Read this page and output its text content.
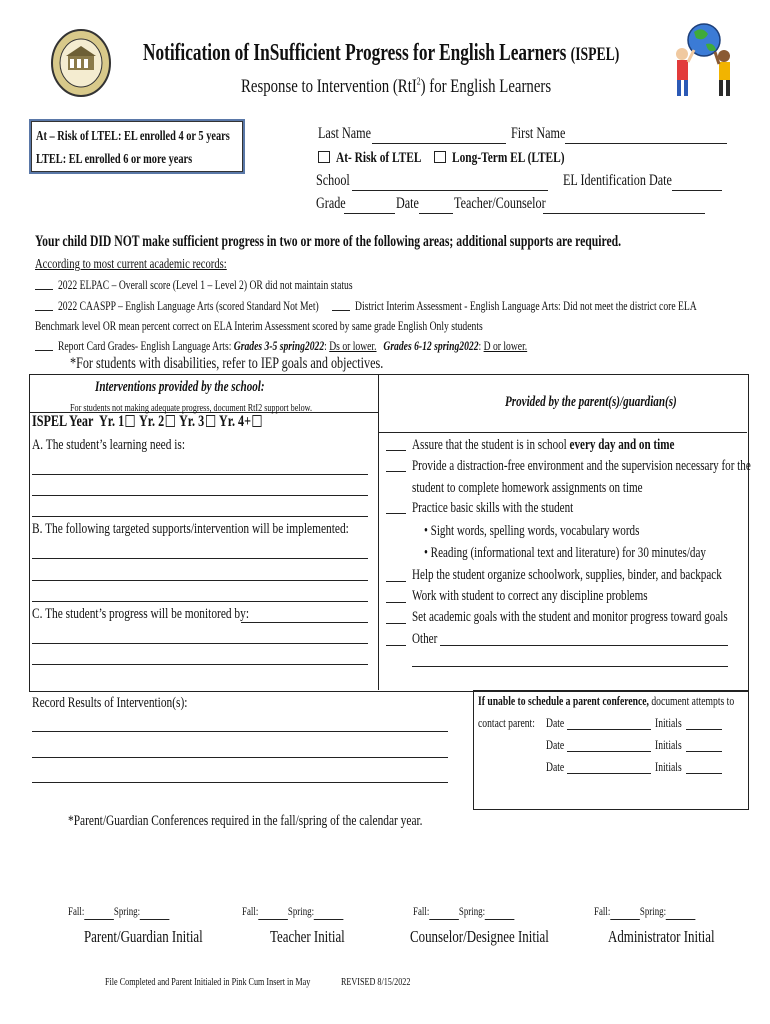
Notification of InSufficient Progress for English Learners (ISPEL)
Response to Intervention (RtI$^2$) for English Learners
At – Risk of LTEL: EL enrolled 4 or 5 years
LTEL: EL enrolled 6 or more years
Last Name	First Name
At- Risk of LTEL	Long-Term EL (LTEL)
School	EL Identification Date
Grade	Date	Teacher/Counselor
Your child DID NOT make sufficient progress in two or more of the following areas; additional supports are required.
According to most current academic records:
2022 ELPAC – Overall score (Level 1 – Level 2) OR did not maintain status
2022 CAASPP – English Language Arts (scored Standard Not Met)	District Interim Assessment - English Language Arts: Did not meet the district core ELA
Benchmark level OR mean percent correct on ELA Interim Assessment scored by same grade English Only students
Report Card Grades- English Language Arts: Grades 3-5 spring2022: Ds or lower. Grades 6-12 spring2022: D or lower.
*For students with disabilities, refer to IEP goals and objectives.
Interventions provided by the school:
For students not making adequate progress, document RtI2 support below.	Provided by the parent(s)/guardian(s)
ISPEL Year Yr. 1 Yr. 2 Yr. 3 Yr. 4+
A. The student’s learning need is:
B. The following targeted supports/intervention will be implemented:
C. The student’s progress will be monitored by:
Assure that the student is in school every day and on time
Provide a distraction-free environment and the supervision necessary for the
student to complete homework assignments on time
Practice basic skills with the student
• Sight words, spelling words, vocabulary words
• Reading (informational text and literature) for 30 minutes/day
Help the student organize schoolwork, supplies, binder, and backpack
Work with student to correct any discipline problems
Set academic goals with the student and monitor progress toward goals
Other
Record Results of Intervention(s):	If unable to schedule a parent conference, document attempts to
contact parent: Date	Initials
Date	Initials
Date	Initials
*Parent/Guardian Conferences required in the fall/spring of the calendar year.
Fall: Spring:	Fall: Spring:	Fall: Spring:	Fall: Spring:
Parent/Guardian Initial	Teacher Initial	Counselor/Designee Initial	Administrator Initial
File Completed and Parent Initialed in Pink Cum Insert in May	REVISED 8/15/2022
